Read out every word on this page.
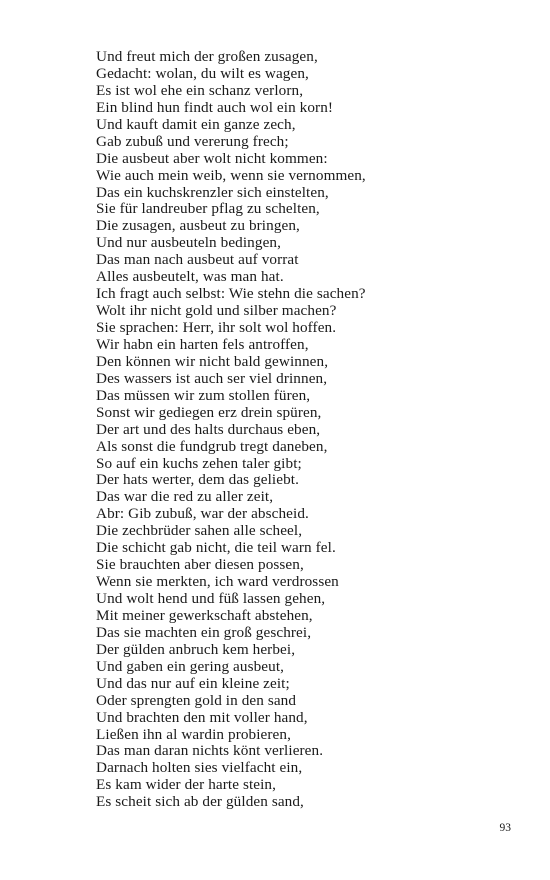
Und freut mich der großen zusagen,
Gedacht: wolan, du wilt es wagen,
Es ist wol ehe ein schanz verlorn,
Ein blind hun findt auch wol ein korn!
Und kauft damit ein ganze zech,
Gab zubuß und vererung frech;
Die ausbeut aber wolt nicht kommen:
Wie auch mein weib, wenn sie vernommen,
Das ein kuchskrenzler sich einstelten,
Sie für landreuber pflag zu schelten,
Die zusagen, ausbeut zu bringen,
Und nur ausbeuteln bedingen,
Das man nach ausbeut auf vorrat
Alles ausbeutelt, was man hat.
Ich fragt auch selbst: Wie stehn die sachen?
Wolt ihr nicht gold und silber machen?
Sie sprachen: Herr, ihr solt wol hoffen.
Wir habn ein harten fels antroffen,
Den können wir nicht bald gewinnen,
Des wassers ist auch ser viel drinnen,
Das müssen wir zum stollen füren,
Sonst wir gediegen erz drein spüren,
Der art und des halts durchaus eben,
Als sonst die fundgrub tregt daneben,
So auf ein kuchs zehen taler gibt;
Der hats werter, dem das geliebt.
Das war die red zu aller zeit,
Abr: Gib zubuß, war der abscheid.
Die zechbrüder sahen alle scheel,
Die schicht gab nicht, die teil warn fel.
Sie brauchten aber diesen possen,
Wenn sie merkten, ich ward verdrossen
Und wolt hend und füß lassen gehen,
Mit meiner gewerkschaft abstehen,
Das sie machten ein groß geschrei,
Der gülden anbruch kem herbei,
Und gaben ein gering ausbeut,
Und das nur auf ein kleine zeit;
Oder sprengten gold in den sand
Und brachten den mit voller hand,
Ließen ihn al wardin probieren,
Das man daran nichts könt verlieren.
Darnach holten sies vielfacht ein,
Es kam wider der harte stein,
Es scheit sich ab der gülden sand,
93
